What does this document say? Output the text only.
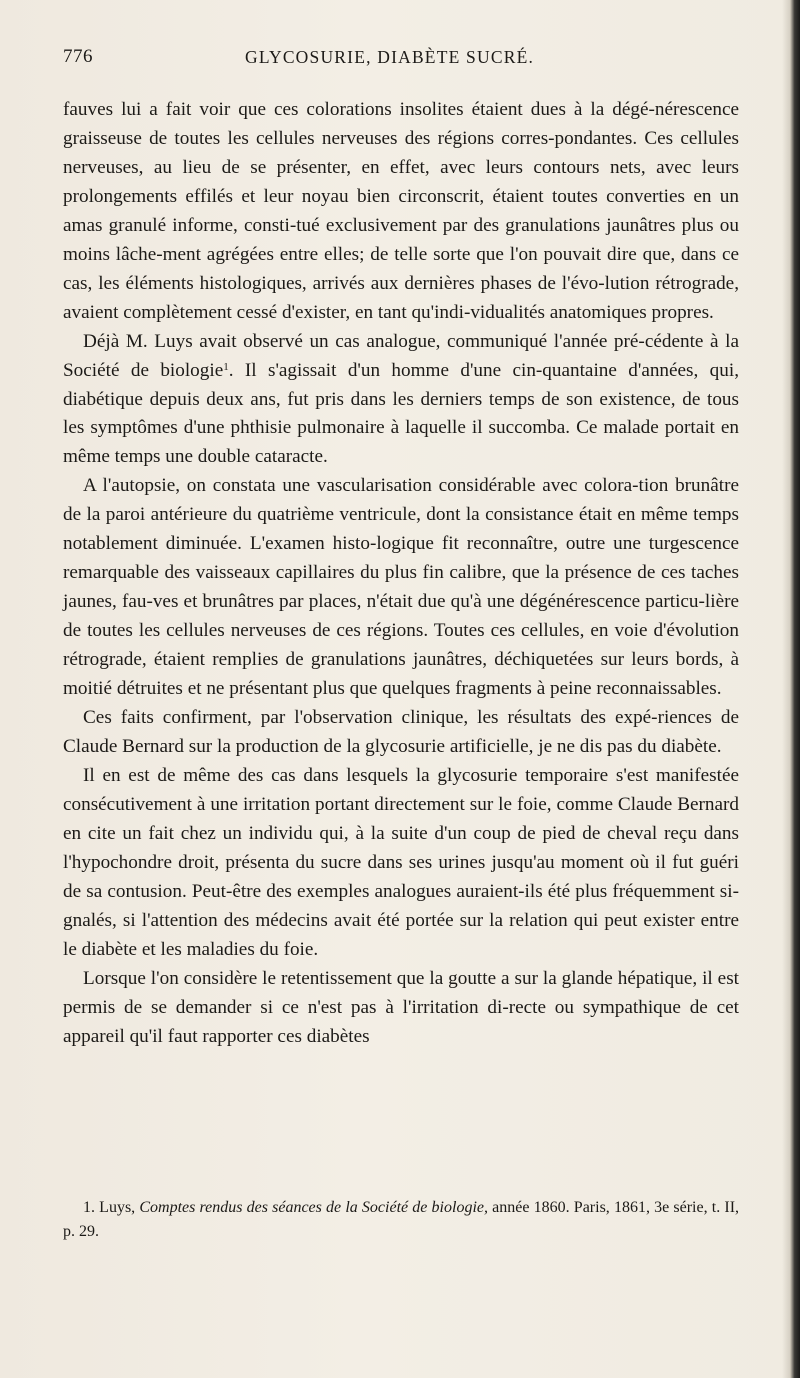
776	GLYCOSURIE, DIABÈTE SUCRÉ.

fauves lui a fait voir que ces colorations insolites étaient dues à la dégé-nérescence graisseuse de toutes les cellules nerveuses des régions corres-pondantes. Ces cellules nerveuses, au lieu de se présenter, en effet, avec leurs contours nets, avec leurs prolongements effilés et leur noyau bien circonscrit, étaient toutes converties en un amas granulé informe, consti-tué exclusivement par des granulations jaunâtres plus ou moins lâche-ment agrégées entre elles; de telle sorte que l'on pouvait dire que, dans ce cas, les éléments histologiques, arrivés aux dernières phases de l'évo-lution rétrograde, avaient complètement cessé d'exister, en tant qu'indi-vidualités anatomiques propres.

Déjà M. Luys avait observé un cas analogue, communiqué l'année pré-cédente à la Société de biologie$^1$. Il s'agissait d'un homme d'une cin-quantaine d'années, qui, diabétique depuis deux ans, fut pris dans les derniers temps de son existence, de tous les symptômes d'une phthisie pulmonaire à laquelle il succomba. Ce malade portait en même temps une double cataracte.

A l'autopsie, on constata une vascularisation considérable avec colora-tion brunâtre de la paroi antérieure du quatrième ventricule, dont la consistance était en même temps notablement diminuée. L'examen histo-logique fit reconnaître, outre une turgescence remarquable des vaisseaux capillaires du plus fin calibre, que la présence de ces taches jaunes, fau-ves et brunâtres par places, n'était due qu'à une dégénérescence particu-lière de toutes les cellules nerveuses de ces régions. Toutes ces cellules, en voie d'évolution rétrograde, étaient remplies de granulations jaunâtres, déchiquetées sur leurs bords, à moitié détruites et ne présentant plus que quelques fragments à peine reconnaissables.

Ces faits confirment, par l'observation clinique, les résultats des expé-riences de Claude Bernard sur la production de la glycosurie artificielle, je ne dis pas du diabète.

Il en est de même des cas dans lesquels la glycosurie temporaire s'est manifestée consécutivement à une irritation portant directement sur le foie, comme Claude Bernard en cite un fait chez un individu qui, à la suite d'un coup de pied de cheval reçu dans l'hypochondre droit, présenta du sucre dans ses urines jusqu'au moment où il fut guéri de sa contusion. Peut-être des exemples analogues auraient-ils été plus fréquemment si-gnalés, si l'attention des médecins avait été portée sur la relation qui peut exister entre le diabète et les maladies du foie.

Lorsque l'on considère le retentissement que la goutte a sur la glande hépatique, il est permis de se demander si ce n'est pas à l'irritation di-recte ou sympathique de cet appareil qu'il faut rapporter ces diabètes

1. Luys, Comptes rendus des séances de la Société de biologie, année 1860. Paris, 1861, 3e série, t. II, p. 29.
